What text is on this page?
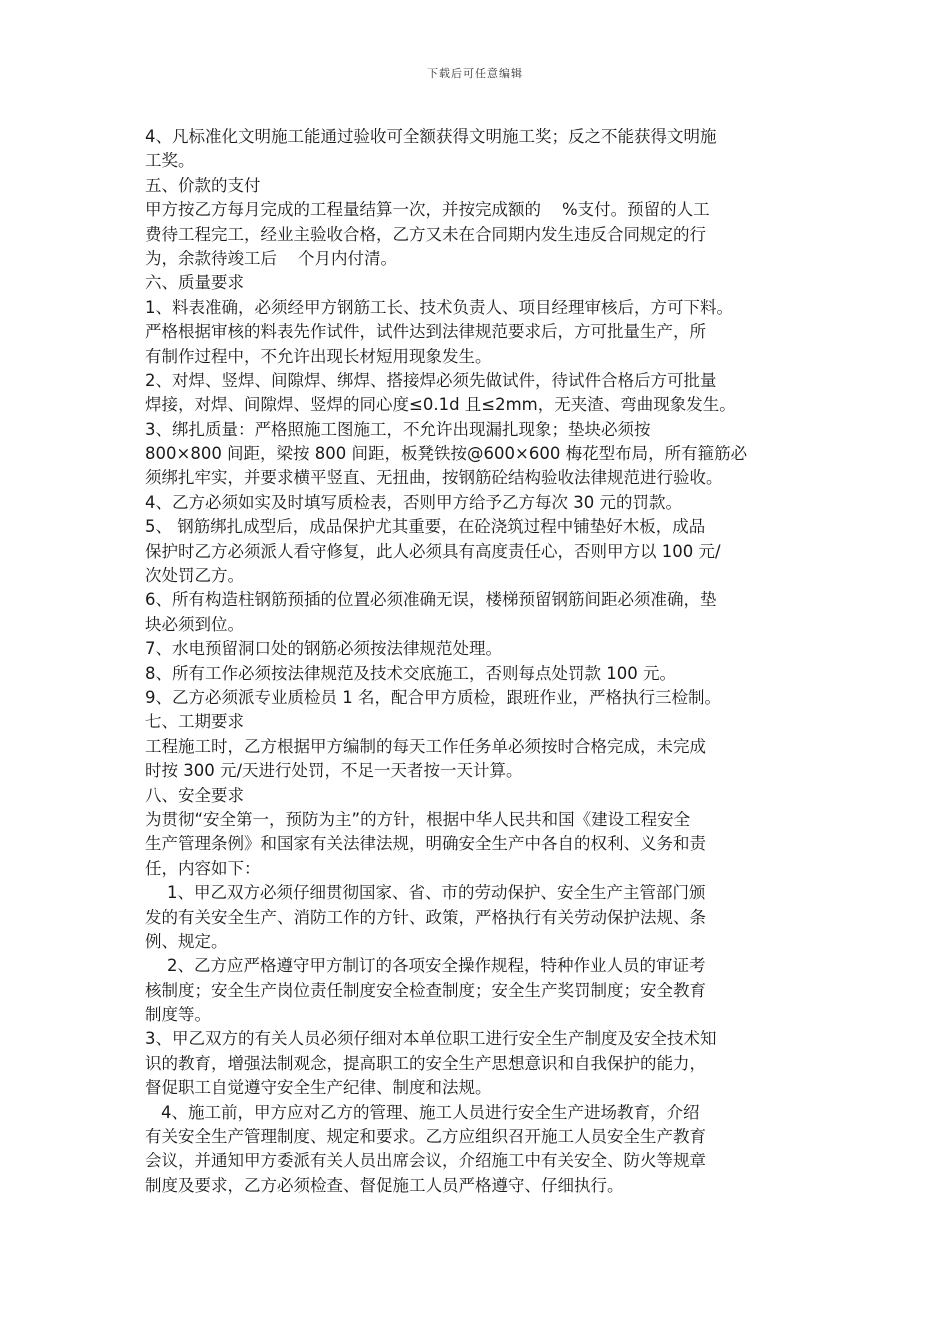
下载后可任意编辑
4、凡标准化文明施工能通过验收可全额获得文明施工奖；反之不能获得文明施
工奖。
五、价款的支付
甲方按乙方每月完成的工程量结算一次，并按完成额的    %支付。预留的人工
费待工程完工，经业主验收合格，乙方又未在合同期内发生违反合同规定的行
为，余款待竣工后    个月内付清。
六、质量要求
1、料表准确，必须经甲方钢筋工长、技术负责人、项目经理审核后，方可下料。
严格根据审核的料表先作试件，试件达到法律规范要求后，方可批量生产，所
有制作过程中，不允许出现长材短用现象发生。
2、对焊、竖焊、间隙焊、绑焊、搭接焊必须先做试件，待试件合格后方可批量
焊接，对焊、间隙焊、竖焊的同心度≤0.1d 且≤2mm，无夹渣、弯曲现象发生。
3、绑扎质量：严格照施工图施工，不允许出现漏扎现象；垫块必须按
800×800 间距，梁按 800 间距，板凳铁按@600×600 梅花型布局，所有箍筋必
须绑扎牢实，并要求横平竖直、无扭曲，按钢筋砼结构验收法律规范进行验收。
4、乙方必须如实及时填写质检表，否则甲方给予乙方每次 30 元的罚款。
5、 钢筋绑扎成型后，成品保护尤其重要，在砼浇筑过程中铺垫好木板，成品
保护时乙方必须派人看守修复，此人必须具有高度责任心，否则甲方以 100 元/
次处罚乙方。
6、所有构造柱钢筋预插的位置必须准确无误，楼梯预留钢筋间距必须准确，垫
块必须到位。
7、水电预留洞口处的钢筋必须按法律规范处理。
8、所有工作必须按法律规范及技术交底施工，否则每点处罚款 100 元。
9、乙方必须派专业质检员 1 名，配合甲方质检，跟班作业，严格执行三检制。
七、工期要求
工程施工时，乙方根据甲方编制的每天工作任务单必须按时合格完成，未完成
时按 300 元/天进行处罚，不足一天者按一天计算。
八、安全要求
为贯彻“安全第一，预防为主”的方针，根据中华人民共和国《建设工程安全
生产管理条例》和国家有关法律法规，明确安全生产中各自的权利、义务和责
任，内容如下：
1、甲乙双方必须仔细贯彻国家、省、市的劳动保护、安全生产主管部门颁
发的有关安全生产、消防工作的方针、政策，严格执行有关劳动保护法规、条
例、规定。
2、乙方应严格遵守甲方制订的各项安全操作规程，特种作业人员的审证考
核制度；安全生产岗位责任制度安全检查制度；安全生产奖罚制度；安全教育
制度等。
3、甲乙双方的有关人员必须仔细对本单位职工进行安全生产制度及安全技术知
识的教育，增强法制观念，提高职工的安全生产思想意识和自我保护的能力，
督促职工自觉遵守安全生产纪律、制度和法规。
4、施工前，甲方应对乙方的管理、施工人员进行安全生产进场教育，介绍
有关安全生产管理制度、规定和要求。乙方应组织召开施工人员安全生产教育
会议，并通知甲方委派有关人员出席会议，介绍施工中有关安全、防火等规章
制度及要求，乙方必须检查、督促施工人员严格遵守、仔细执行。
